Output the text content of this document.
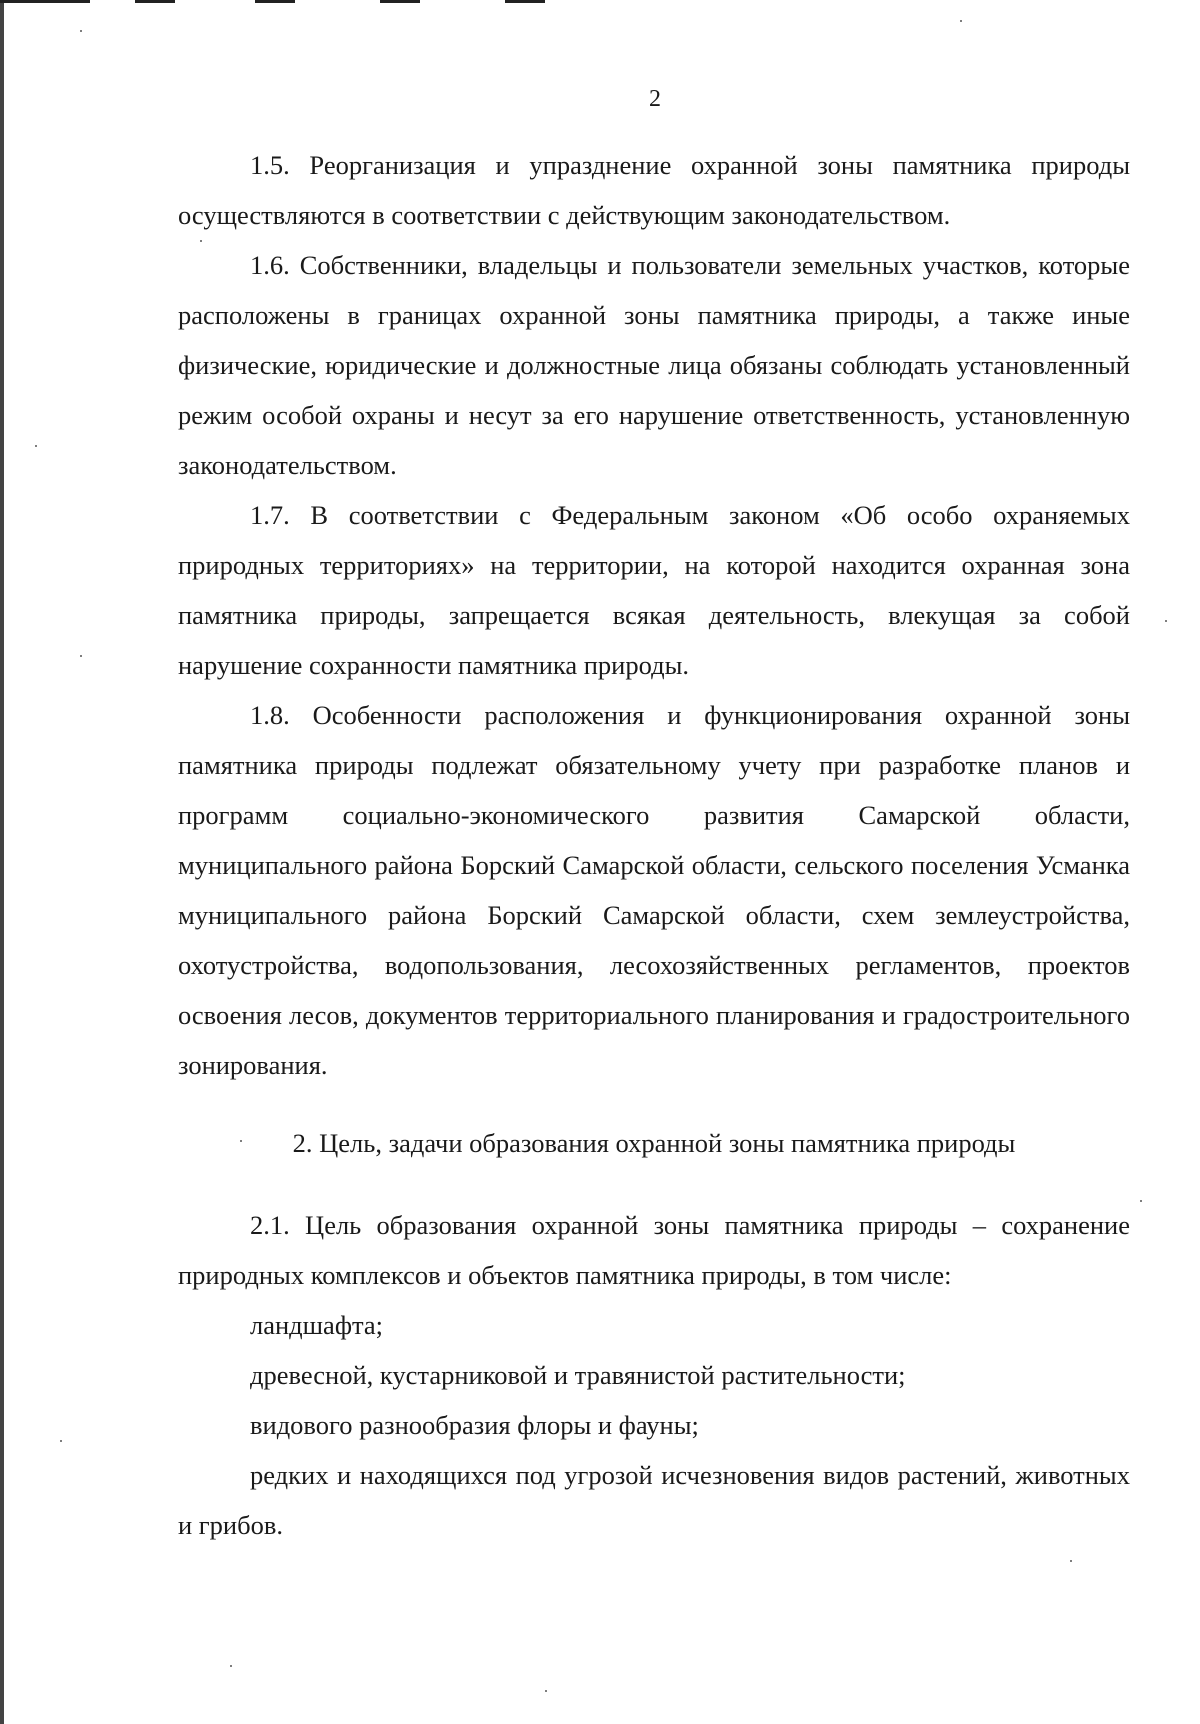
2

1.5. Реорганизация и упразднение охранной зоны памятника природы осуществляются в соответствии с действующим законодательством.

1.6. Собственники, владельцы и пользователи земельных участков, которые расположены в границах охранной зоны памятника природы, а также иные физические, юридические и должностные лица обязаны соблюдать установленный режим особой охраны и несут за его нарушение ответственность, установленную законодательством.

1.7. В соответствии с Федеральным законом «Об особо охраняемых природных территориях» на территории, на которой находится охранная зона памятника природы, запрещается всякая деятельность, влекущая за собой нарушение сохранности памятника природы.

1.8. Особенности расположения и функционирования охранной зоны памятника природы подлежат обязательному учету при разработке планов и программ социально-экономического развития Самарской области, муниципального района Борский Самарской области, сельского поселения Усманка муниципального района Борский Самарской области, схем землеустройства, охотустройства, водопользования, лесохозяйственных регламентов, проектов освоения лесов, документов территориального планирования и градостроительного зонирования.

2. Цель, задачи образования охранной зоны памятника природы

2.1. Цель образования охранной зоны памятника природы – сохранение природных комплексов и объектов памятника природы, в том числе:

ландшафта;

древесной, кустарниковой и травянистой растительности;

видового разнообразия флоры и фауны;

редких и находящихся под угрозой исчезновения видов растений, животных и грибов.
